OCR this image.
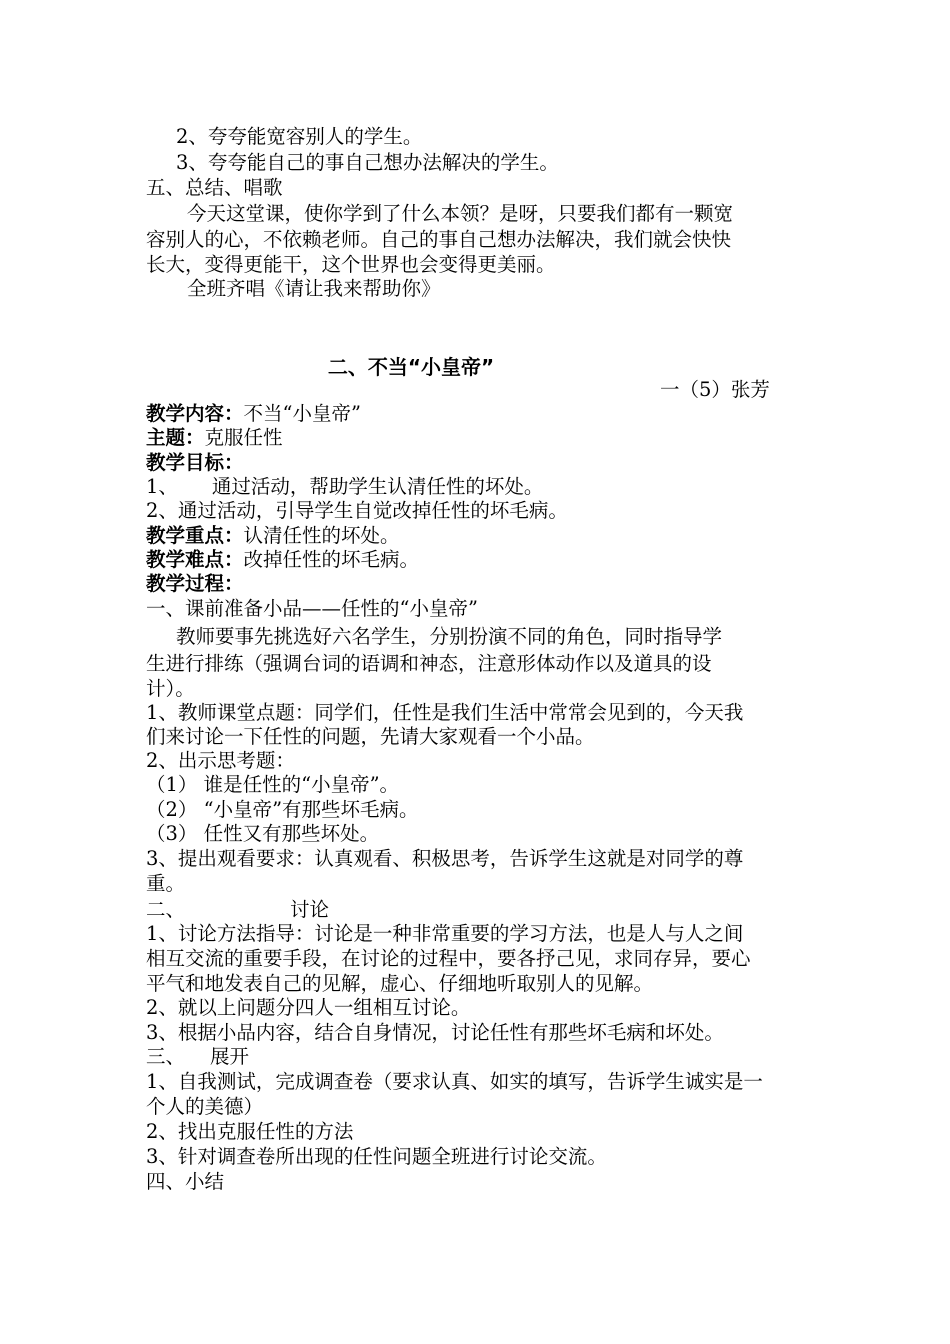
2、夸夸能宽容别人的学生。
3、夸夸能自己的事自己想办法解决的学生。
五、总结、唱歌
今天这堂课，使你学到了什么本领？是呀，只要我们都有一颗宽
容别人的心，不依赖老师。自己的事自己想办法解决，我们就会快快
长大，变得更能干，这个世界也会变得更美丽。
全班齐唱《请让我来帮助你》
二、不当“小皇帝”
一（5）张芳
教学内容：不当“小皇帝”
主题：克服任性
教学目标：
1、 通过活动，帮助学生认清任性的坏处。
2、通过活动，引导学生自觉改掉任性的坏毛病。
教学重点：认清任性的坏处。
教学难点：改掉任性的坏毛病。
教学过程：
一、课前准备小品——任性的“小皇帝”
教师要事先挑选好六名学生，分别扮演不同的角色，同时指导学
生进行排练（强调台词的语调和神态，注意形体动作以及道具的设
计）。
1、教师课堂点题：同学们，任性是我们生活中常常会见到的，今天我
们来讨论一下任性的问题，先请大家观看一个小品。
2、出示思考题：
（1） 谁是任性的“小皇帝”。
（2） “小皇帝”有那些坏毛病。
（3） 任性又有那些坏处。
3、提出观看要求：认真观看、积极思考，告诉学生这就是对同学的尊
重。
二、	讨论
1、讨论方法指导：讨论是一种非常重要的学习方法，也是人与人之间
相互交流的重要手段，在讨论的过程中，要各抒己见，求同存异，要心
平气和地发表自己的见解，虚心、仔细地听取别人的见解。
2、就以上问题分四人一组相互讨论。
3、根据小品内容，结合自身情况，讨论任性有那些坏毛病和坏处。
三、 展开
1、自我测试，完成调查卷（要求认真、如实的填写，告诉学生诚实是一
个人的美德）
2、找出克服任性的方法
3、针对调查卷所出现的任性问题全班进行讨论交流。
四、小结
